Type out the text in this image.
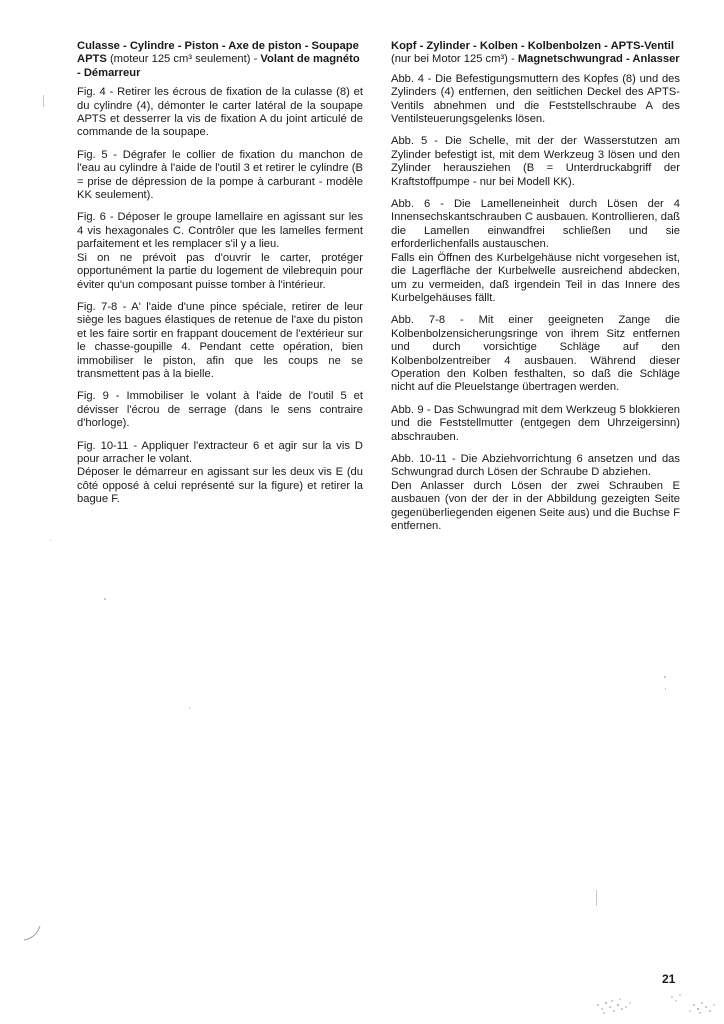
Culasse - Cylindre - Piston - Axe de piston - Soupape APTS (moteur 125 cm³ seulement) - Volant de magnéto - Démarreur

Fig. 4 - Retirer les écrous de fixation de la culasse (8) et du cylindre (4), démonter le carter latéral de la soupape APTS et desserrer la vis de fixation A du joint articulé de commande de la soupape.

Fig. 5 - Dégrafer le collier de fixation du manchon de l'eau au cylindre à l'aide de l'outil 3 et retirer le cylindre (B = prise de dépression de la pompe à carburant - modèle KK seulement).

Fig. 6 - Déposer le groupe lamellaire en agissant sur les 4 vis hexagonales C. Contrôler que les lamelles ferment parfaitement et les remplacer s'il y a lieu.

Si on ne prévoit pas d'ouvrir le carter, protéger opportunément la partie du logement de vilebrequin pour éviter qu'un composant puisse tomber à l'intérieur.

Fig. 7-8 - A' l'aide d'une pince spéciale, retirer de leur siège les bagues élastiques de retenue de l'axe du piston et les faire sortir en frappant doucement de l'extérieur sur le chasse-goupille 4. Pendant cette opération, bien immobiliser le piston, afin que les coups ne se transmettent pas à la bielle.

Fig. 9 - Immobiliser le volant à l'aide de l'outil 5 et dévisser l'écrou de serrage (dans le sens contraire d'horloge).

Fig. 10-11 - Appliquer l'extracteur 6 et agir sur la vis D pour arracher le volant.

Déposer le démarreur en agissant sur les deux vis E (du côté opposé à celui représenté sur la figure) et retirer la bague F.

Kopf - Zylinder - Kolben - Kolbenbolzen - APTS-Ventil (nur bei Motor 125 cm³) - Magnetschwungrad - Anlasser

Abb. 4 - Die Befestigungsmuttern des Kopfes (8) und des Zylinders (4) entfernen, den seitlichen Deckel des APTS-Ventils abnehmen und die Feststellschraube A des Ventilsteuerungsgelenks lösen.

Abb. 5 - Die Schelle, mit der der Wasserstutzen am Zylinder befestigt ist, mit dem Werkzeug 3 lösen und den Zylinder herausziehen (B = Unterdruckabgriff der Kraftstoffpumpe - nur bei Modell KK).

Abb. 6 - Die Lamelleneinheit durch Lösen der 4 Innensechskantschrauben C ausbauen. Kontrollieren, daß die Lamellen einwandfrei schließen und sie erforderlichenfalls austauschen.

Falls ein Öffnen des Kurbelgehäuse nicht vorgesehen ist, die Lagerfläche der Kurbelwelle ausreichend abdecken, um zu vermeiden, daß irgendein Teil in das Innere des Kurbelgehäuses fällt.

Abb. 7-8 - Mit einer geeigneten Zange die Kolbenbolzensicherungsringe von ihrem Sitz entfernen und durch vorsichtige Schläge auf den Kolbenbolzentreiber 4 ausbauen. Während dieser Operation den Kolben festhalten, so daß die Schläge nicht auf die Pleuelstange übertragen werden.

Abb. 9 - Das Schwungrad mit dem Werkzeug 5 blokkieren und die Feststellmutter (entgegen dem Uhrzeigersinn) abschrauben.

Abb. 10-11 - Die Abziehvorrichtung 6 ansetzen und das Schwungrad durch Lösen der Schraube D abziehen.

Den Anlasser durch Lösen der zwei Schrauben E ausbauen (von der der in der Abbildung gezeigten Seite gegenüberliegenden eigenen Seite aus) und die Buchse F entfernen.

21
